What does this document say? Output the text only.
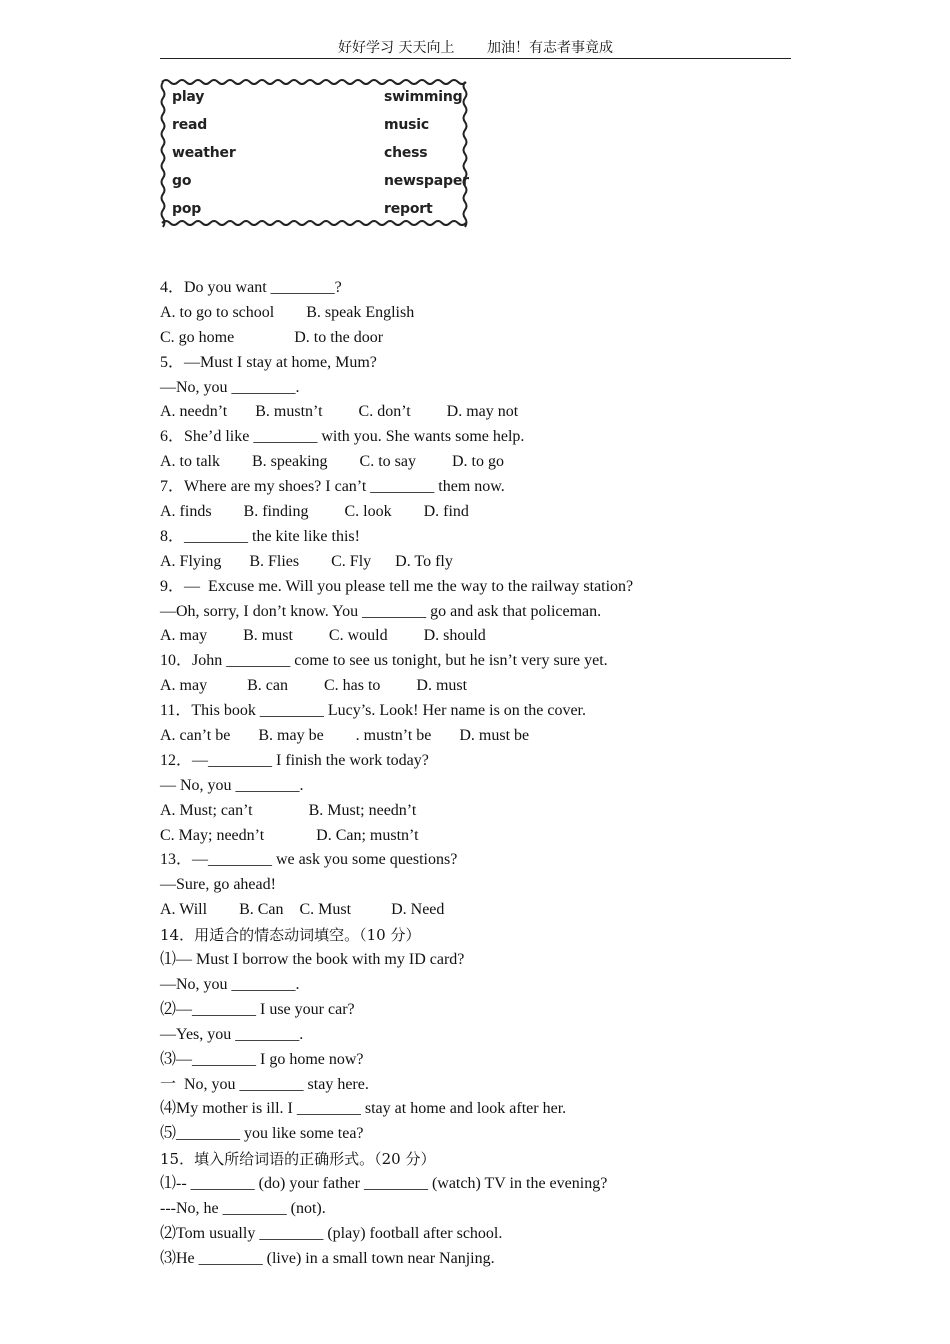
好好学习 天天向上 加油！有志者事竟成
play
read
weather
go
pop
swimming
music
chess
newspaper
report
4．Do you want ________?
A. to go to school        B. speak English
C. go home               D. to the door
5．—Must I stay at home, Mum?
—No, you ________.
A. needn’t       B. mustn’t         C. don’t         D. may not
6．She’d like ________ with you. She wants some help.
A. to talk        B. speaking        C. to say         D. to go
7．Where are my shoes? I can’t ________ them now.
A. finds        B. finding         C. look        D. find
8．________ the kite like this!
A. Flying       B. Flies        C. Fly      D. To fly
9．—  Excuse me. Will you please tell me the way to the railway station?
—Oh, sorry, I don’t know. You ________ go and ask that policeman.
A. may         B. must         C. would         D. should
10．John ________ come to see us tonight, but he isn’t very sure yet.
A. may          B. can         C. has to         D. must
11．This book ________ Lucy’s. Look! Her name is on the cover.
A. can’t be       B. may be        . mustn’t be       D. must be
12．—________ I finish the work today?
— No, you ________.
A. Must; can’t              B. Must; needn’t
C. May; needn’t             D. Can; mustn’t
13．—________ we ask you some questions?
—Sure, go ahead!
A. Will        B. Can    C. Must          D. Need
14．用适合的情态动词填空。（10 分）
⑴— Must I borrow the book with my ID card?
—No, you ________.
⑵—________ I use your car?
—Yes, you ________.
⑶—________ I go home now?
一  No, you ________ stay here.
⑷My mother is ill. I ________ stay at home and look after her.
⑸________ you like some tea?
15．填入所给词语的正确形式。（20 分）
⑴-- ________ (do) your father ________ (watch) TV in the evening?
---No, he ________ (not).
⑵Tom usually ________ (play) football after school.
⑶He ________ (live) in a small town near Nanjing.
